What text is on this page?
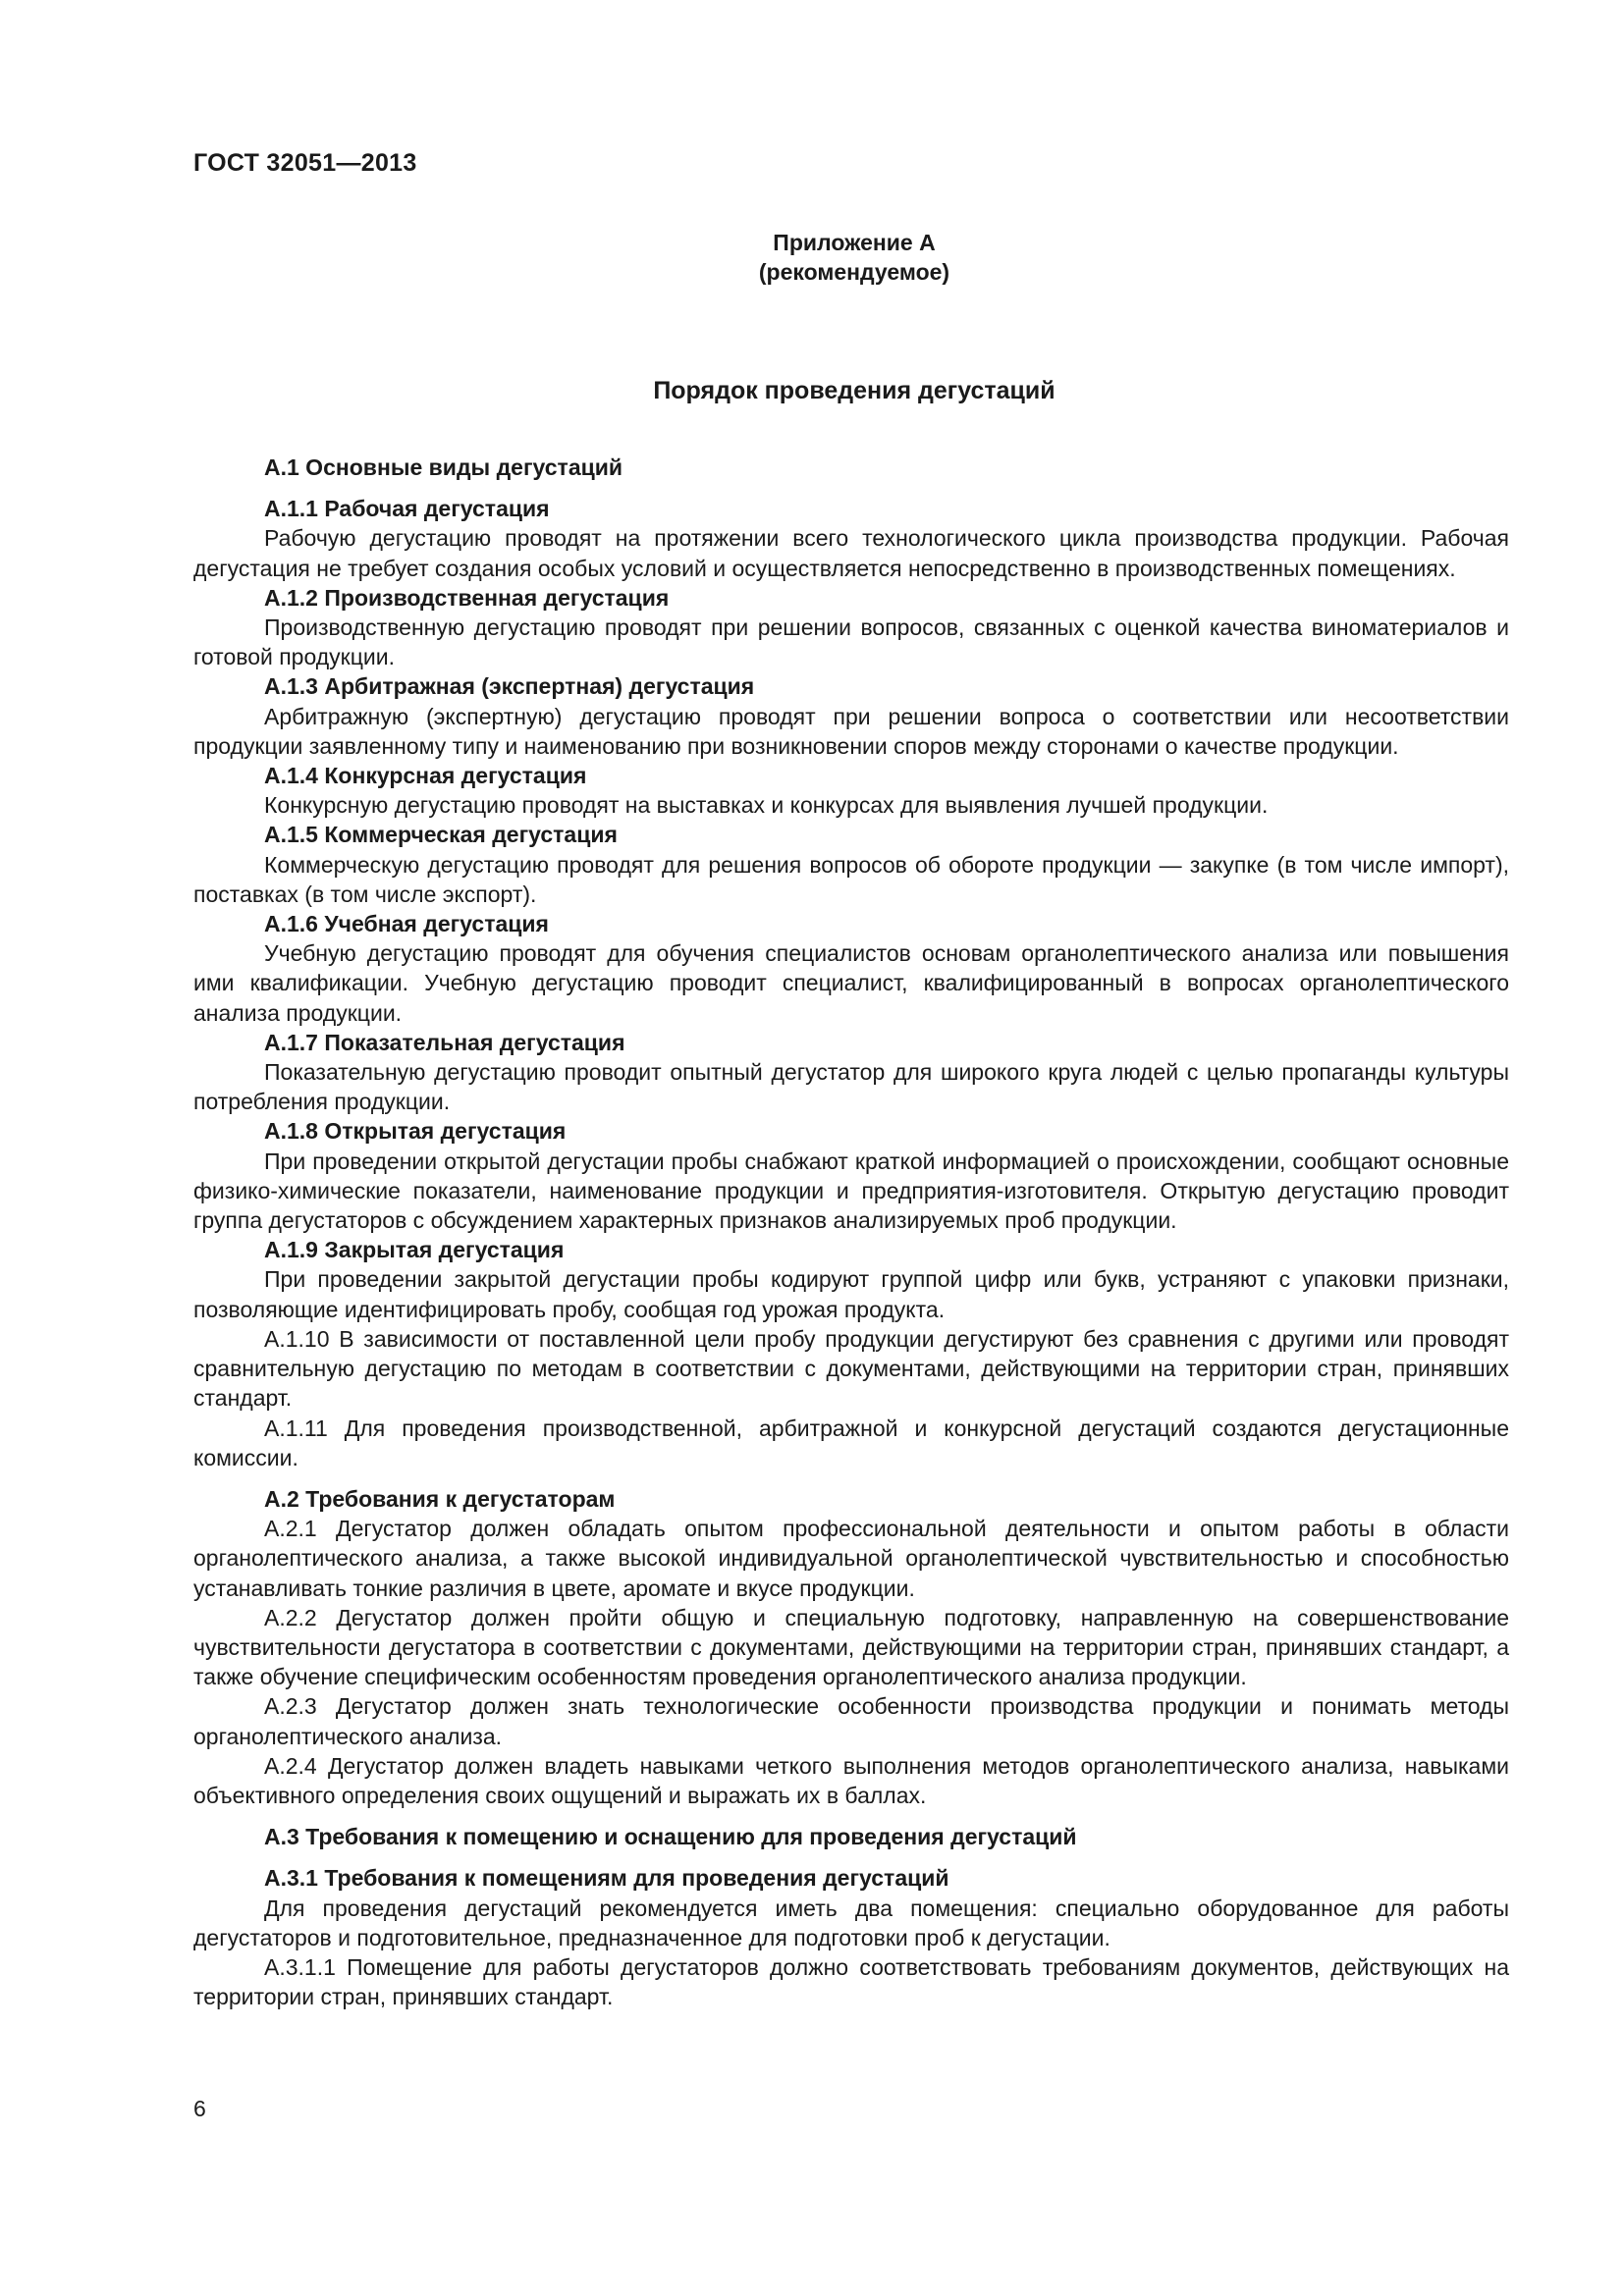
ГОСТ 32051—2013
Приложение А
(рекомендуемое)
Порядок проведения дегустаций

А.1 Основные виды дегустаций

А.1.1 Рабочая дегустация

Рабочую дегустацию проводят на протяжении всего технологического цикла производства продукции. Рабочая дегустация не требует создания особых условий и осуществляется непосредственно в производственных помещениях.

А.1.2 Производственная дегустация

Производственную дегустацию проводят при решении вопросов, связанных с оценкой качества виноматериалов и готовой продукции.

А.1.3 Арбитражная (экспертная) дегустация

Арбитражную (экспертную) дегустацию проводят при решении вопроса о соответствии или несоответствии продукции заявленному типу и наименованию при возникновении споров между сторонами о качестве продукции.

А.1.4 Конкурсная дегустация

Конкурсную дегустацию проводят на выставках и конкурсах для выявления лучшей продукции.

А.1.5 Коммерческая дегустация

Коммерческую дегустацию проводят для решения вопросов об обороте продукции — закупке (в том числе импорт), поставках (в том числе экспорт).

А.1.6 Учебная дегустация

Учебную дегустацию проводят для обучения специалистов основам органолептического анализа или повышения ими квалификации. Учебную дегустацию проводит специалист, квалифицированный в вопросах органолептического анализа продукции.

А.1.7 Показательная дегустация

Показательную дегустацию проводит опытный дегустатор для широкого круга людей с целью пропаганды культуры потребления продукции.

А.1.8 Открытая дегустация

При проведении открытой дегустации пробы снабжают краткой информацией о происхождении, сообщают основные физико-химические показатели, наименование продукции и предприятия-изготовителя. Открытую дегустацию проводит группа дегустаторов с обсуждением характерных признаков анализируемых проб продукции.

А.1.9 Закрытая дегустация

При проведении закрытой дегустации пробы кодируют группой цифр или букв, устраняют с упаковки признаки, позволяющие идентифицировать пробу, сообщая год урожая продукта.

А.1.10 В зависимости от поставленной цели пробу продукции дегустируют без сравнения с другими или проводят сравнительную дегустацию по методам в соответствии с документами, действующими на территории стран, принявших стандарт.

А.1.11 Для проведения производственной, арбитражной и конкурсной дегустаций создаются дегустационные комиссии.

А.2 Требования к дегустаторам

А.2.1 Дегустатор должен обладать опытом профессиональной деятельности и опытом работы в области органолептического анализа, а также высокой индивидуальной органолептической чувствительностью и способностью устанавливать тонкие различия в цвете, аромате и вкусе продукции.

А.2.2 Дегустатор должен пройти общую и специальную подготовку, направленную на совершенствование чувствительности дегустатора в соответствии с документами, действующими на территории стран, принявших стандарт, а также обучение специфическим особенностям проведения органолептического анализа продукции.

А.2.3 Дегустатор должен знать технологические особенности производства продукции и понимать методы органолептического анализа.

А.2.4 Дегустатор должен владеть навыками четкого выполнения методов органолептического анализа, навыками объективного определения своих ощущений и выражать их в баллах.

А.3 Требования к помещению и оснащению для проведения дегустаций

А.3.1 Требования к помещениям для проведения дегустаций

Для проведения дегустаций рекомендуется иметь два помещения: специально оборудованное для работы дегустаторов и подготовительное, предназначенное для подготовки проб к дегустации.

А.3.1.1 Помещение для работы дегустаторов должно соответствовать требованиям документов, действующих на территории стран, принявших стандарт.

6
